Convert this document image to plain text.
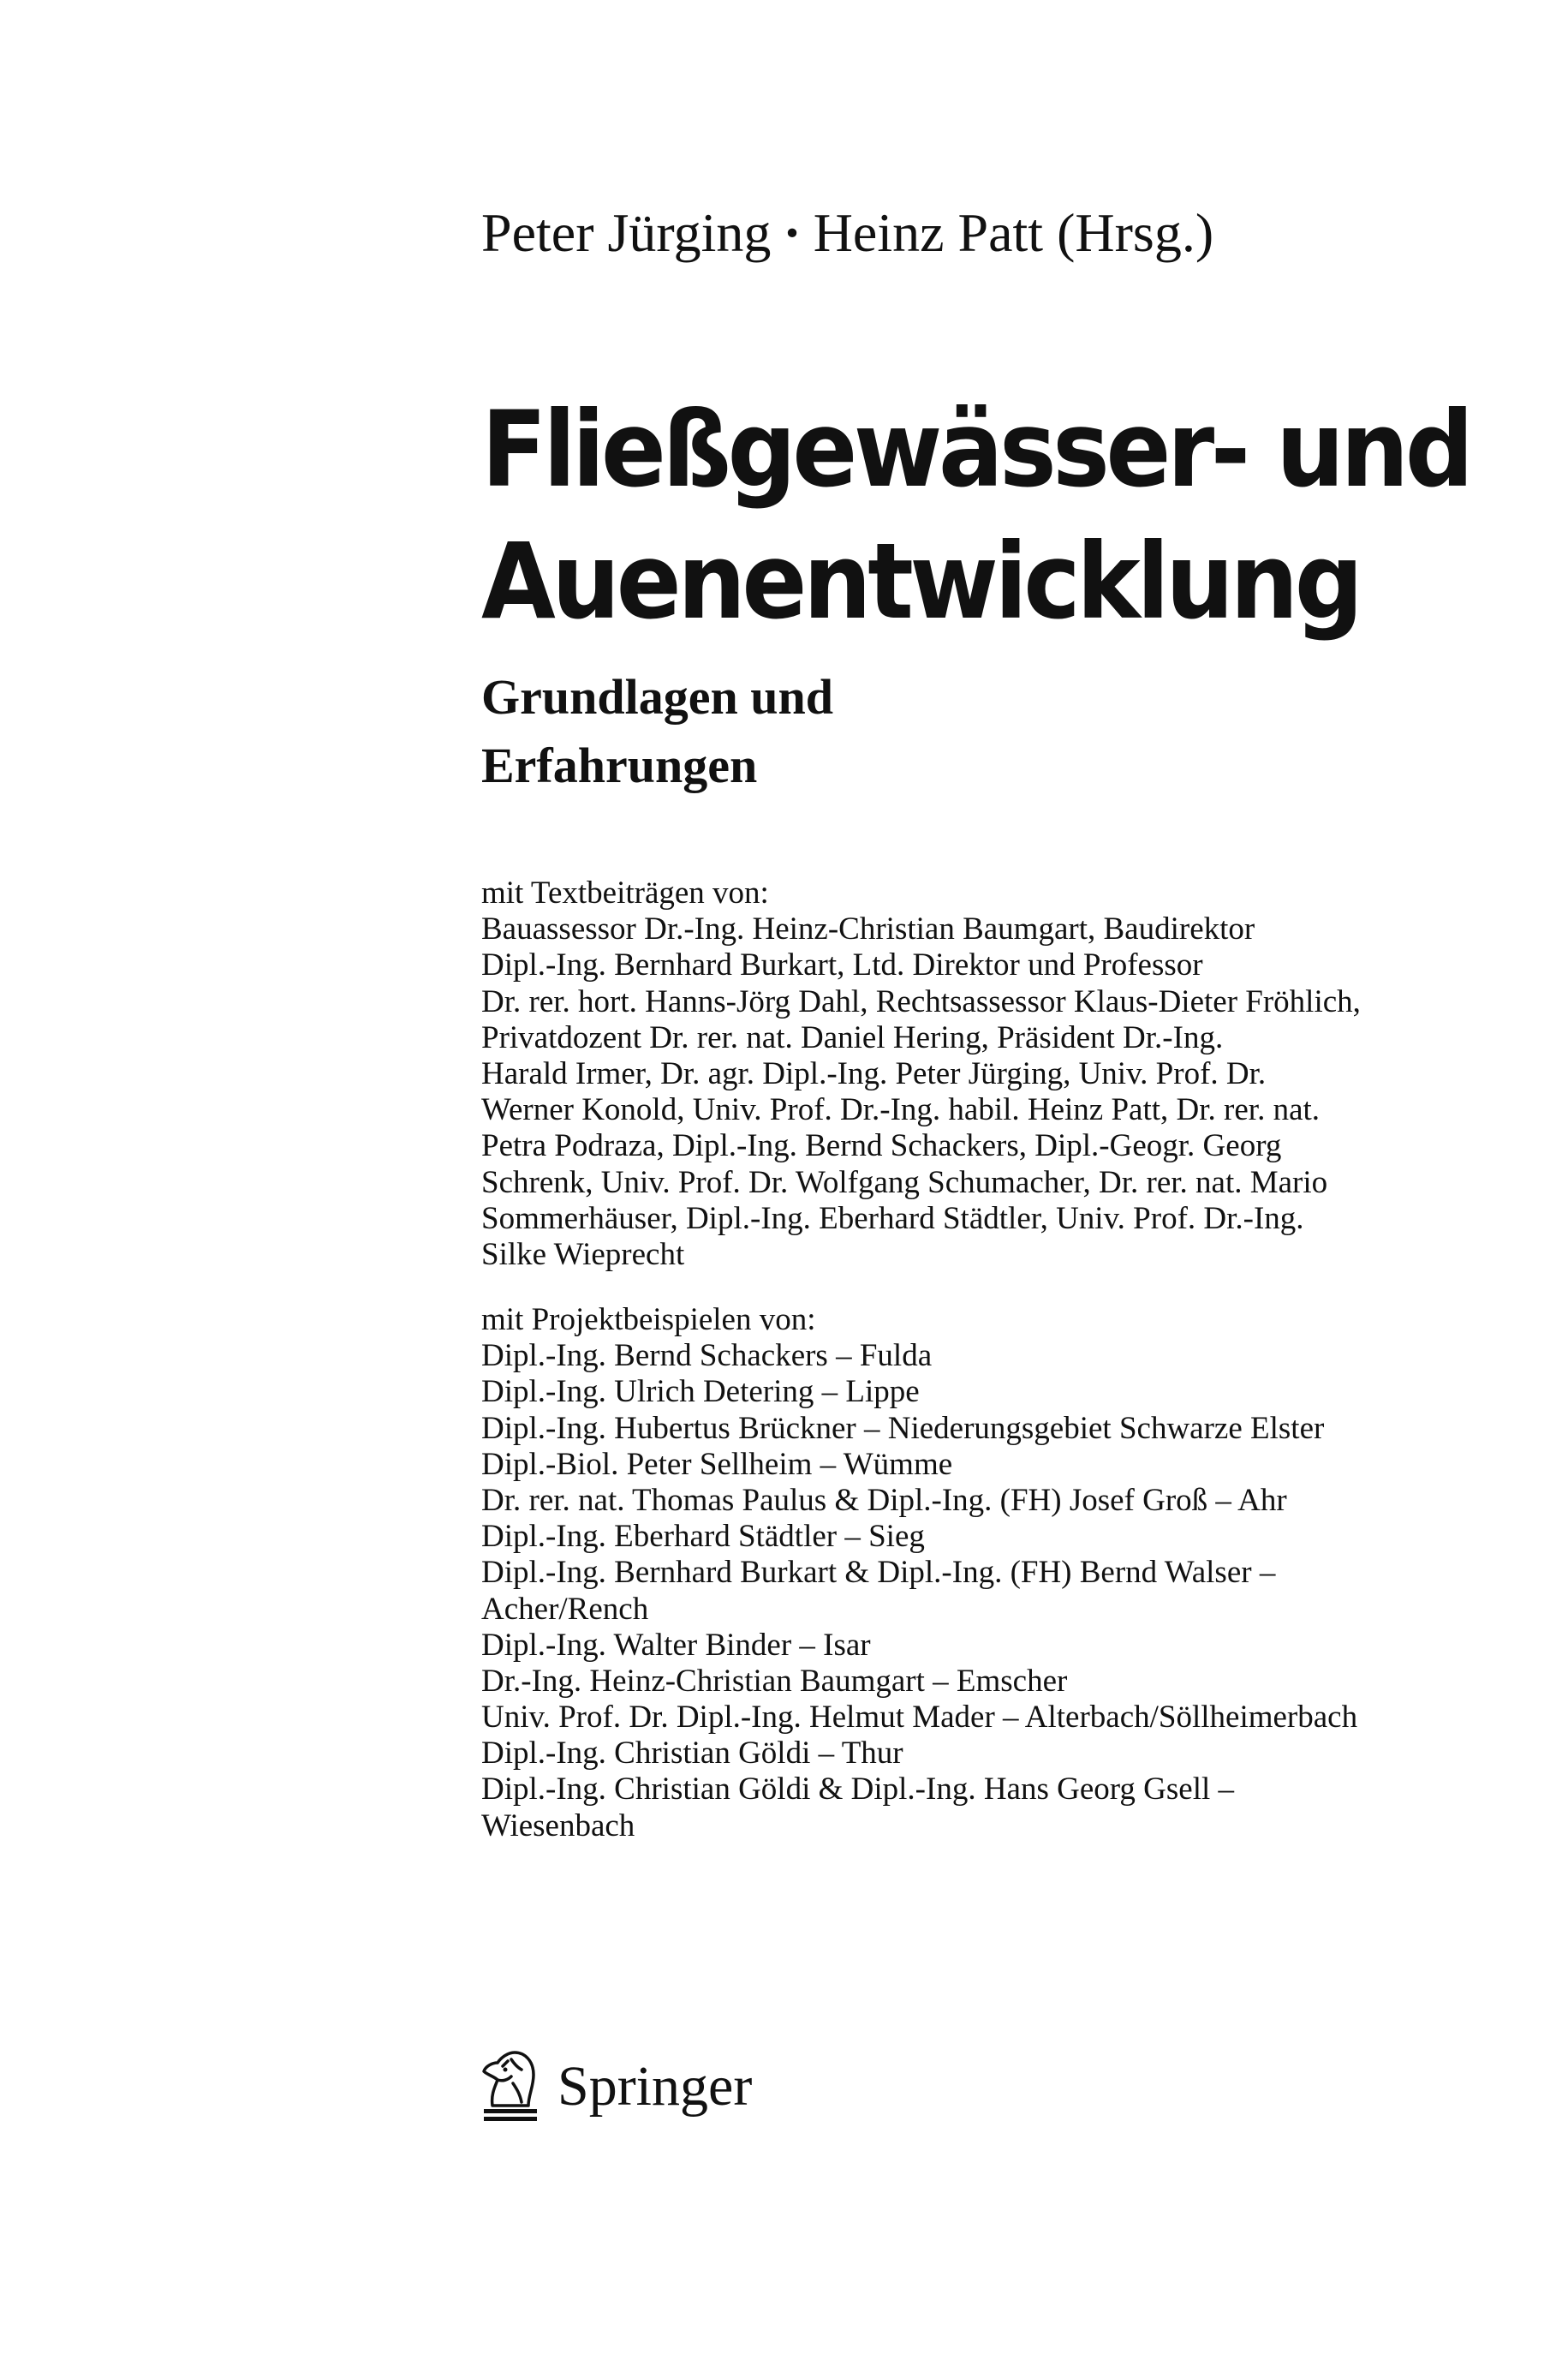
Peter Jürging · Heinz Patt (Hrsg.)
Fließgewässer- und
Auenentwicklung
Grundlagen und
Erfahrungen
mit Textbeiträgen von:
Bauassessor Dr.-Ing. Heinz-Christian Baumgart, Baudirektor
Dipl.-Ing. Bernhard Burkart, Ltd. Direktor und Professor
Dr. rer. hort. Hanns-Jörg Dahl, Rechtsassessor Klaus-Dieter Fröhlich,
Privatdozent Dr. rer. nat. Daniel Hering, Präsident Dr.-Ing.
Harald Irmer, Dr. agr. Dipl.-Ing. Peter Jürging, Univ. Prof. Dr.
Werner Konold, Univ. Prof. Dr.-Ing. habil. Heinz Patt, Dr. rer. nat.
Petra Podraza, Dipl.-Ing. Bernd Schackers, Dipl.-Geogr. Georg
Schrenk, Univ. Prof. Dr. Wolfgang Schumacher, Dr. rer. nat. Mario
Sommerhäuser, Dipl.-Ing. Eberhard Städtler, Univ. Prof. Dr.-Ing.
Silke Wieprecht
mit Projektbeispielen von:
Dipl.-Ing. Bernd Schackers – Fulda
Dipl.-Ing. Ulrich Detering – Lippe
Dipl.-Ing. Hubertus Brückner – Niederungsgebiet Schwarze Elster
Dipl.-Biol. Peter Sellheim – Wümme
Dr. rer. nat. Thomas Paulus & Dipl.-Ing. (FH) Josef Groß – Ahr
Dipl.-Ing. Eberhard Städtler – Sieg
Dipl.-Ing. Bernhard Burkart & Dipl.-Ing. (FH) Bernd Walser –
Acher/Rench
Dipl.-Ing. Walter Binder – Isar
Dr.-Ing. Heinz-Christian Baumgart – Emscher
Univ. Prof. Dr. Dipl.-Ing. Helmut Mader – Alterbach/Söllheimerbach
Dipl.-Ing. Christian Göldi – Thur
Dipl.-Ing. Christian Göldi & Dipl.-Ing. Hans Georg Gsell –
Wiesenbach
Springer
